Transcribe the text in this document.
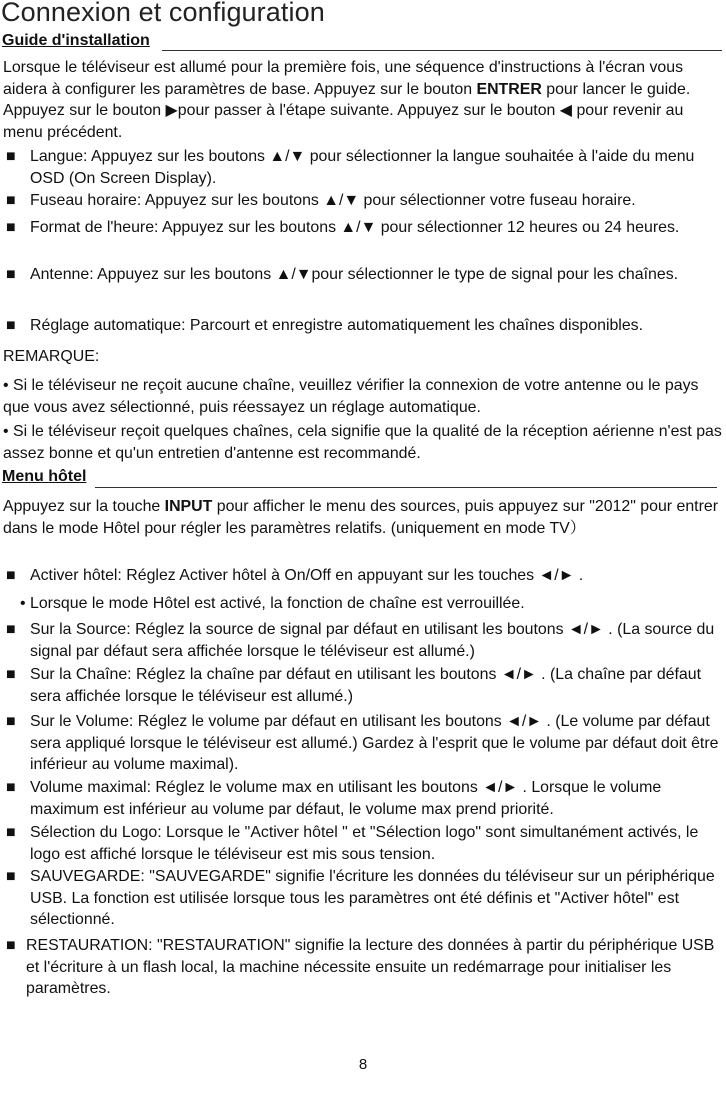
Connexion et configuration
Guide d'installation
Lorsque le téléviseur est allumé pour la première fois, une séquence d'instructions à l'écran vous aidera à configurer les paramètres de base. Appuyez sur le bouton ENTRER pour lancer le guide. Appuyez sur le bouton ▶pour passer à l'étape suivante. Appuyez sur le bouton ◀ pour revenir au menu précédent.
■ Langue: Appuyez sur les boutons ▲/▼ pour sélectionner la langue souhaitée à l'aide du menu OSD (On Screen Display).
■ Fuseau horaire: Appuyez sur les boutons ▲/▼ pour sélectionner votre fuseau horaire.
■ Format de l'heure: Appuyez sur les boutons ▲/▼ pour sélectionner 12 heures ou 24 heures.
■ Antenne: Appuyez sur les boutons ▲/▼pour sélectionner le type de signal pour les chaînes.
■ Réglage automatique: Parcourt et enregistre automatiquement les chaînes disponibles.
REMARQUE:
• Si le téléviseur ne reçoit aucune chaîne, veuillez vérifier la connexion de votre antenne ou le pays que vous avez sélectionné, puis réessayez un réglage automatique.
• Si le téléviseur reçoit quelques chaînes, cela signifie que la qualité de la réception aérienne n'est pas assez bonne et qu'un entretien d'antenne est recommandé.
Menu hôtel
Appuyez sur la touche INPUT pour afficher le menu des sources, puis appuyez sur "2012" pour entrer dans le mode Hôtel pour régler les paramètres relatifs. (uniquement en mode TV）
■ Activer hôtel: Réglez Activer hôtel à On/Off en appuyant sur les touches ◄/► .
• Lorsque le mode Hôtel est activé, la fonction de chaîne est verrouillée.
■ Sur la Source: Réglez la source de signal par défaut en utilisant les boutons ◄/► . (La source du signal par défaut sera affichée lorsque le téléviseur est allumé.)
■ Sur la Chaîne: Réglez la chaîne par défaut en utilisant les boutons ◄/► . (La chaîne par défaut sera affichée lorsque le téléviseur est allumé.)
■ Sur le Volume: Réglez le volume par défaut en utilisant les boutons ◄/► . (Le volume par défaut sera appliqué lorsque le téléviseur est allumé.) Gardez à l'esprit que le volume par défaut doit être inférieur au volume maximal).
■ Volume maximal: Réglez le volume max en utilisant les boutons ◄/► . Lorsque le volume maximum est inférieur au volume par défaut, le volume max prend priorité.
■ Sélection du Logo: Lorsque le "Activer hôtel " et "Sélection logo" sont simultanément activés, le logo est affiché lorsque le téléviseur est mis sous tension.
■ SAUVEGARDE: "SAUVEGARDE" signifie l'écriture les données du téléviseur sur un périphérique USB. La fonction est utilisée lorsque tous les paramètres ont été définis et "Activer hôtel" est sélectionné.
■ RESTAURATION: "RESTAURATION" signifie la lecture des données à partir du périphérique USB et l'écriture à un flash local, la machine nécessite ensuite un redémarrage pour initialiser les paramètres.
8
